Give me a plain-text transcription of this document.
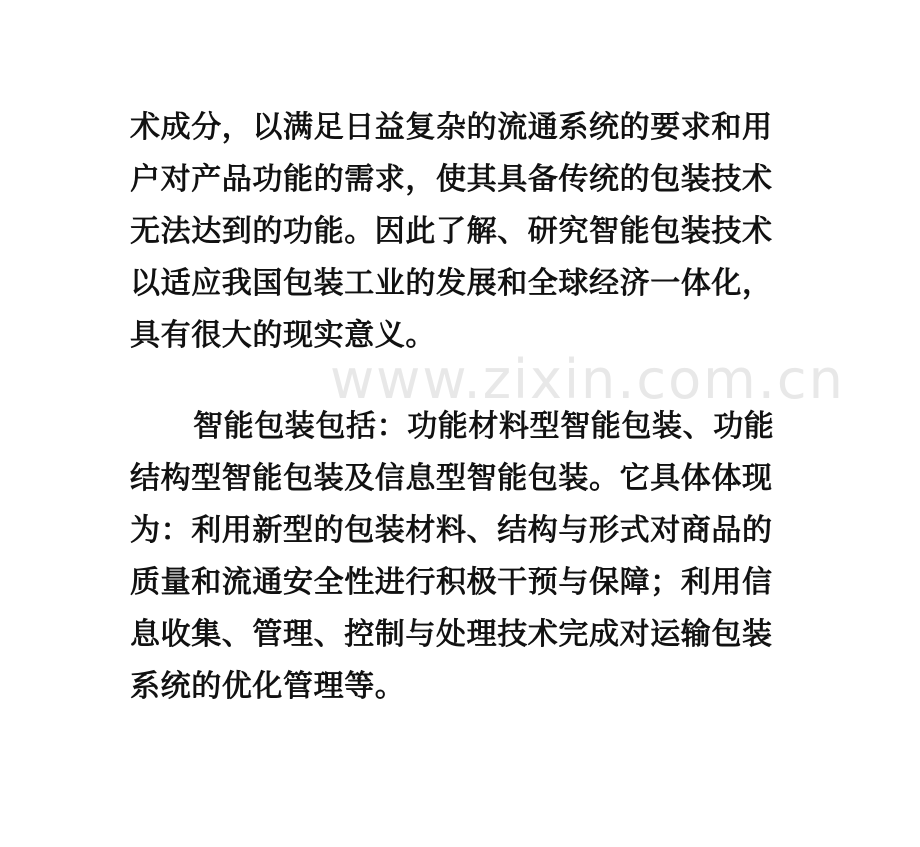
www.zixin.com.cn
术成分，以满足日益复杂的流通系统的要求和用
户对产品功能的需求，使其具备传统的包装技术
无法达到的功能。因此了解、研究智能包装技术
以适应我国包装工业的发展和全球经济一体化，
具有很大的现实意义。
智能包装包括：功能材料型智能包装、功能
结构型智能包装及信息型智能包装。它具体体现
为：利用新型的包装材料、结构与形式对商品的
质量和流通安全性进行积极干预与保障；利用信
息收集、管理、控制与处理技术完成对运输包装
系统的优化管理等。
